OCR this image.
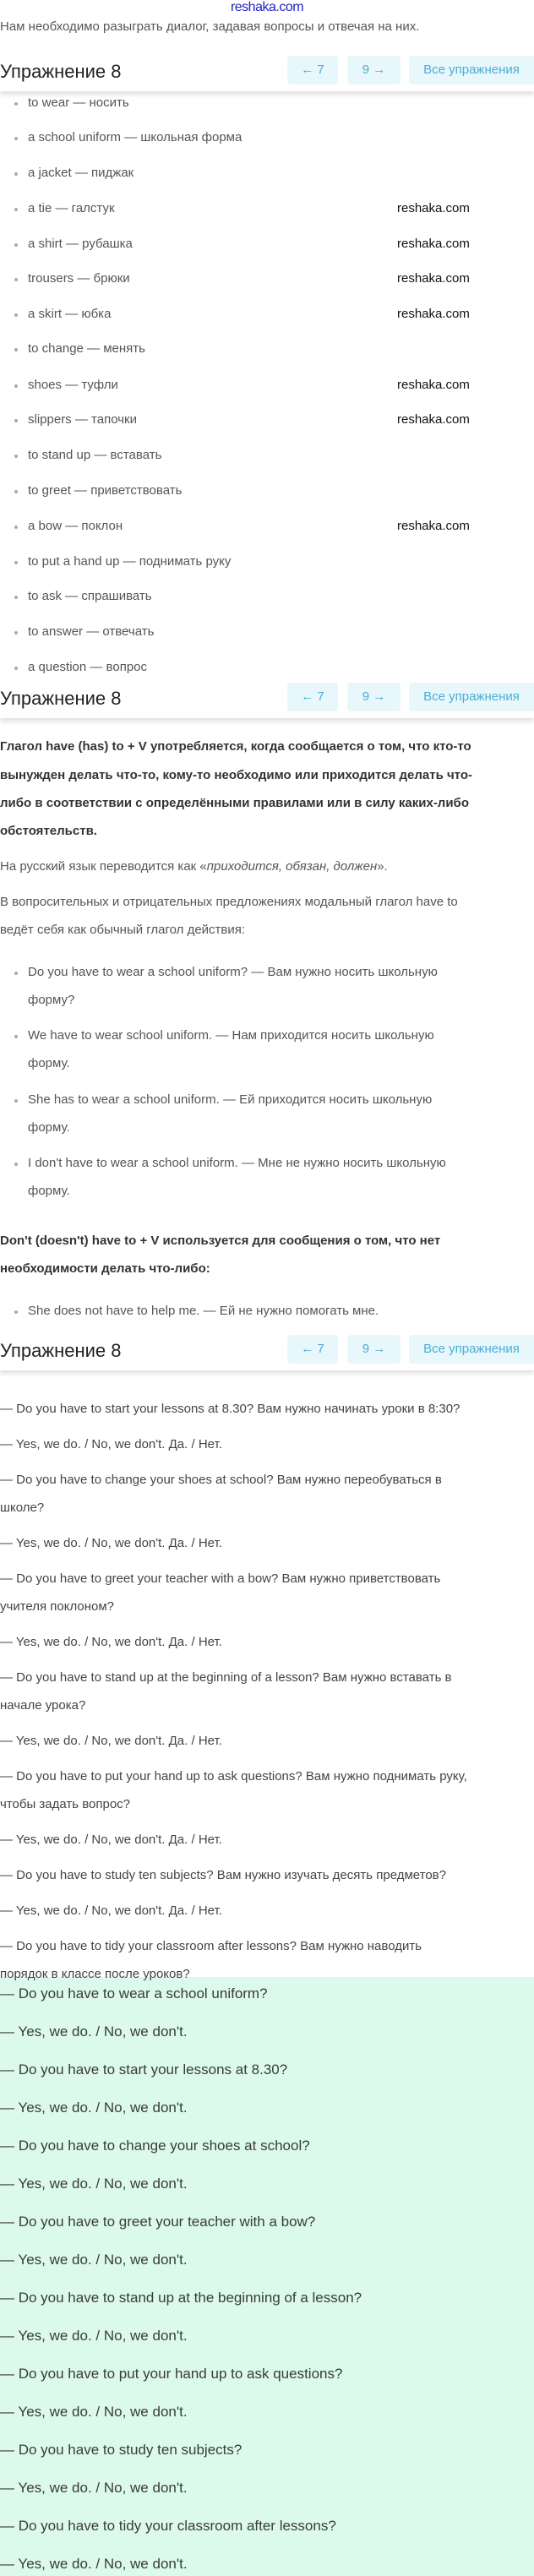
reshaka.com
Нам необходимо разыграть диалог, задавая вопросы и отвечая на них.
to wear — носить
a school uniform — школьная форма
a jacket — пиджак
a tie — галстук
a shirt — рубашка
trousers — брюки
a skirt — юбка
to change — менять
shoes — туфли
slippers — тапочки
to stand up — вставать
to greet — приветствовать
a bow — поклон
to put a hand up — поднимать руку
to ask — спрашивать
to answer — отвечать
a question — вопрос
Глагол have (has) to + V употребляется, когда сообщается о том, что кто-то
вынужден делать что-то, кому-то необходимо или приходится делать что-
либо в соответствии с определёнными правилами или в силу каких-либо
обстоятельств.
На русский язык переводится как «приходится, обязан, должен».
В вопросительных и отрицательных предложениях модальный глагол have to
ведёт себя как обычный глагол действия:
Do you have to wear a school uniform? — Вам нужно носить школьную
форму?
We have to wear school uniform. — Нам приходится носить школьную
форму.
She has to wear a school uniform. — Ей приходится носить школьную
форму.
I don't have to wear a school uniform. — Мне не нужно носить школьную
форму.
Don't (doesn't) have to + V используется для сообщения о том, что нет
необходимости делать что-либо:
She does not have to help me. — Ей не нужно помогать мне.
— Do you have to start your lessons at 8.30? Вам нужно начинать уроки в 8:30?
— Yes, we do. / No, we don't. Да. / Нет.
— Do you have to change your shoes at school? Вам нужно переобуваться в
школе?
— Yes, we do. / No, we don't. Да. / Нет.
— Do you have to greet your teacher with a bow? Вам нужно приветствовать
учителя поклоном?
— Yes, we do. / No, we don't. Да. / Нет.
— Do you have to stand up at the beginning of a lesson? Вам нужно вставать в
начале урока?
— Yes, we do. / No, we don't. Да. / Нет.
— Do you have to put your hand up to ask questions? Вам нужно поднимать руку,
чтобы задать вопрос?
— Yes, we do. / No, we don't. Да. / Нет.
— Do you have to study ten subjects? Вам нужно изучать десять предметов?
— Yes, we do. / No, we don't. Да. / Нет.
— Do you have to tidy your classroom after lessons? Вам нужно наводить
порядок в классе после уроков?
— Do you have to wear a school uniform?
— Yes, we do. / No, we don't.
— Do you have to start your lessons at 8.30?
— Yes, we do. / No, we don't.
— Do you have to change your shoes at school?
— Yes, we do. / No, we don't.
— Do you have to greet your teacher with a bow?
— Yes, we do. / No, we don't.
— Do you have to stand up at the beginning of a lesson?
— Yes, we do. / No, we don't.
— Do you have to put your hand up to ask questions?
— Yes, we do. / No, we don't.
— Do you have to study ten subjects?
— Yes, we do. / No, we don't.
— Do you have to tidy your classroom after lessons?
— Yes, we do. / No, we don't.
Упражнение 8	← 7	9 →	Все упражнения
Упражнение 8	← 7	9 →	Все упражнения
Упражнение 8	← 7	9 →	Все упражнения
reshaka.com
reshaka.com
reshaka.com
reshaka.com
reshaka.com
reshaka.com
reshaka.com
